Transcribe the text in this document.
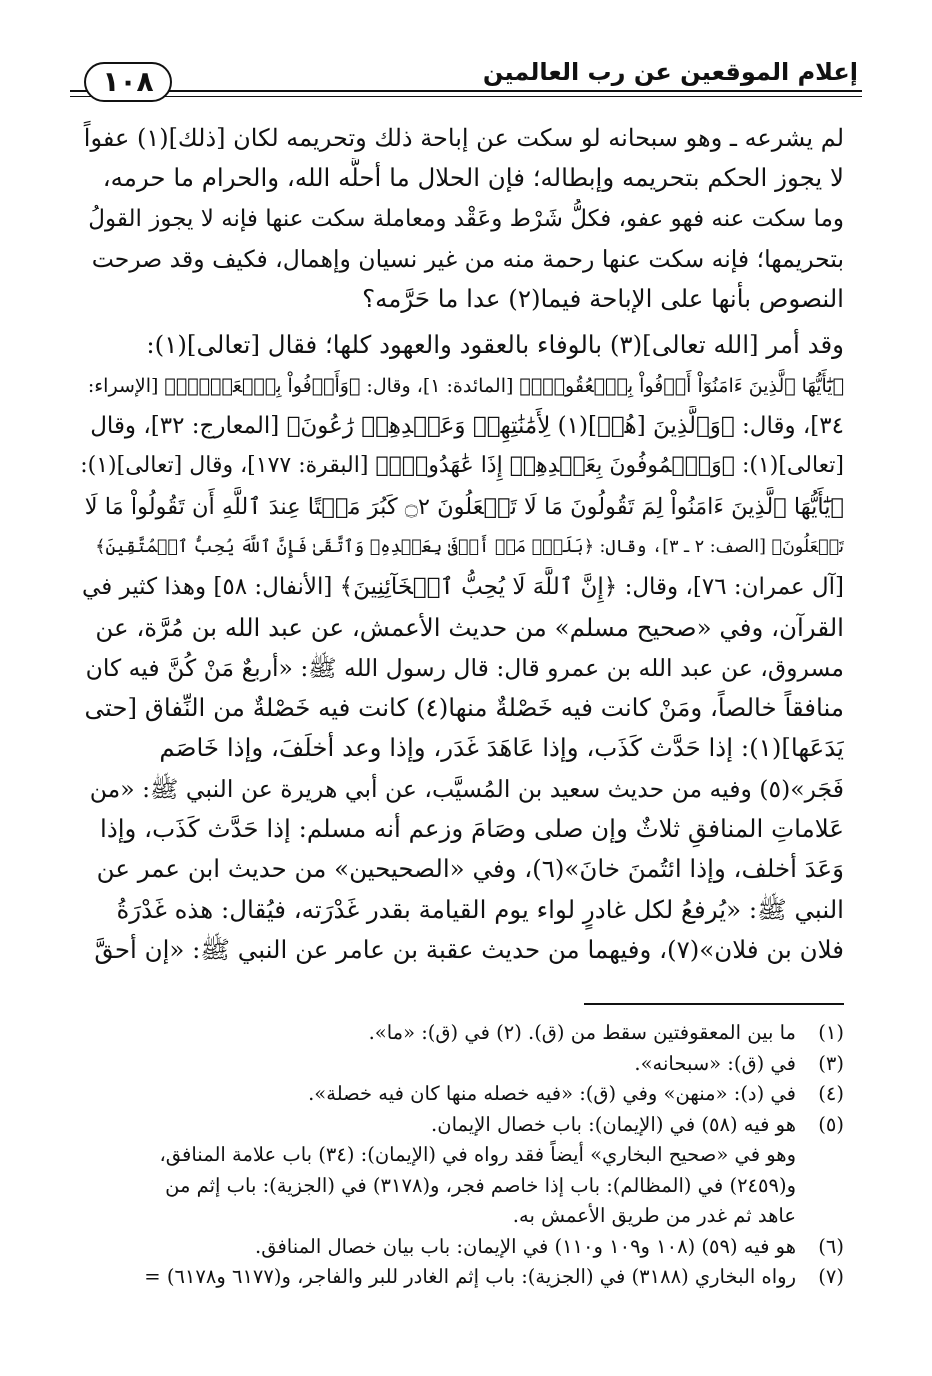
إعلام الموقعين عن رب العالمين
١٠٨
لم يشرعه ـ وهو سبحانه لو سكت عن إباحة ذلك وتحريمه لكان [ذلك](١) عفواً
لا يجوز الحكم بتحريمه وإبطاله؛ فإن الحلال ما أحلَّه الله، والحرام ما حرمه،
وما سكت عنه فهو عفو، فكلُّ شَرْط وعَقْد ومعاملة سكت عنها فإنه لا يجوز القولُ
بتحريمها؛ فإنه سكت عنها رحمة منه من غير نسيان وإهمال، فكيف وقد صرحت
النصوص بأنها على الإباحة فيما(٢) عدا ما حَرَّمه؟
وقد أمر [الله تعالى](٣) بالوفاء بالعقود والعهود كلها؛ فقال [تعالى](١):
﴿يَٰٓأَيُّهَا ٱلَّذِينَ ءَامَنُوٓاْ أَوۡفُواْ بِٱلۡعُقُودِۚ﴾ [المائدة: ١]، وقال: ﴿وَأَوۡفُواْ بِٱلۡعَهۡدِۖ﴾ [الإسراء:
٣٤]، وقال: ﴿وَٱلَّذِينَ [هُمۡ](١) لِأَمَٰنَٰتِهِمۡ وَعَهۡدِهِمۡ رَٰعُونَ﴾ [المعارج: ٣٢]، وقال
[تعالى](١): ﴿وَٱلۡمُوفُونَ بِعَهۡدِهِمۡ إِذَا عَٰهَدُواْۖ﴾ [البقرة: ١٧٧]، وقال [تعالى](١):
﴿يَٰٓأَيُّهَا ٱلَّذِينَ ءَامَنُواْ لِمَ تَقُولُونَ مَا لَا تَفۡعَلُونَ ۝٢ كَبُرَ مَقۡتًا عِندَ ٱللَّهِ أَن تَقُولُواْ مَا لَا
تَفۡعَلُونَ﴾ [الصف: ٢ ـ ٣]، وقال: ﴿بَلَىٰۚ مَنۡ أَوۡفَىٰ بِعَهۡدِهِۦ وَٱتَّقَىٰ فَإِنَّ ٱللَّهَ يُحِبُّ ٱلۡمُتَّقِينَ﴾
[آل عمران: ٧٦]، وقال: ﴿إِنَّ ٱللَّهَ لَا يُحِبُّ ٱلۡخَآئِنِينَ﴾ [الأنفال: ٥٨] وهذا كثير في
القرآن، وفي «صحيح مسلم» من حديث الأعمش، عن عبد الله بن مُرَّة، عن
مسروق، عن عبد الله بن عمرو قال: قال رسول الله ﷺ: «أربعٌ مَنْ كُنَّ فيه كان
منافقاً خالصاً، ومَنْ كانت فيه خَصْلةٌ منها(٤) كانت فيه خَصْلةٌ من النِّفاق [حتى
يَدَعَها](١): إذا حَدَّث كَذَب، وإذا عَاهَدَ غَدَر، وإذا وعد أخلَفَ، وإذا خَاصَم
فَجَر»(٥) وفيه من حديث سعيد بن المُسيَّب، عن أبي هريرة عن النبي ﷺ: «من
عَلاماتِ المنافقِ ثلاثٌ وإن صلى وصَامَ وزعم أنه مسلم: إذا حَدَّث كَذَب، وإذا
وَعَدَ أخلف، وإذا ائتُمنَ خانَ»(٦)، وفي «الصحيحين» من حديث ابن عمر عن
النبي ﷺ: «يُرفعُ لكل غادرٍ لواء يوم القيامة بقدر غَدْرَته، فيُقال: هذه غَدْرَةُ
فلان بن فلان»(٧)، وفيهما من حديث عقبة بن عامر عن النبي ﷺ: «إن أحقَّ
(١)
ما بين المعقوفتين سقط من (ق). (٢) في (ق): «ما».
(٣)
في (ق): «سبحانه».
(٤)
في (د): «منهن» وفي (ق): «فيه خصله منها كان فيه خصلة».
(٥)
هو فيه (٥٨) في (الإيمان): باب خصال الإيمان.
وهو في «صحيح البخاري» أيضاً فقد رواه في (الإيمان): (٣٤) باب علامة المنافق،
و(٢٤٥٩) في (المظالم): باب إذا خاصم فجر، و(٣١٧٨) في (الجزية): باب إثم من
عاهد ثم غدر من طريق الأعمش به.
(٦)
هو فيه (٥٩) (١٠٨ و١٠٩ و١١٠) في الإيمان: باب بيان خصال المنافق.
(٧)
رواه البخاري (٣١٨٨) في (الجزية): باب إثم الغادر للبر والفاجر، و(٦١٧٧ و٦١٧٨) =
